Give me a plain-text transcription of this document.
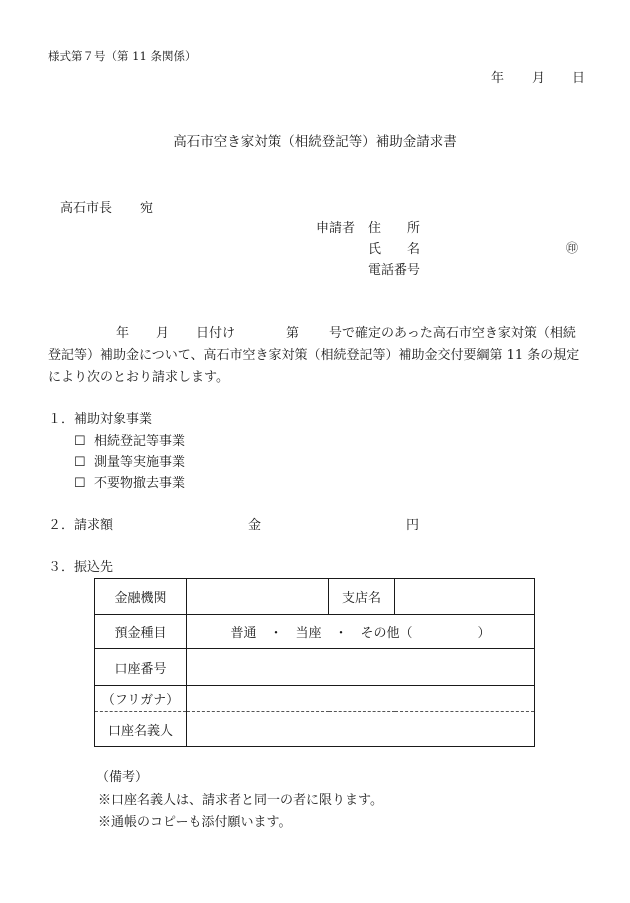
様式第７号（第 11 条関係）
年 月 日
高石市空き家対策（相続登記等）補助金請求書
高石市長 宛
申請者 住　　所
氏　　名	㊞
電話番号
年 月 日付け	第 号で確定のあった高石市空き家対策（相続
登記等）補助金について、高石市空き家対策（相続登記等）補助金交付要綱第 11 条の規定
により次のとおり請求します。
１．補助対象事業
☐ 相続登記等事業
☐ 測量等実施事業
☐ 不要物撤去事業
２．請求額	金	円
３．振込先
金融機関		支店名	
預金種目	普通　・　当座　・　その他（　　　　　）		
口座番号			
（フリガナ）			
口座名義人			
（備考）
※口座名義人は、請求者と同一の者に限ります。
※通帳のコピーも添付願います。
